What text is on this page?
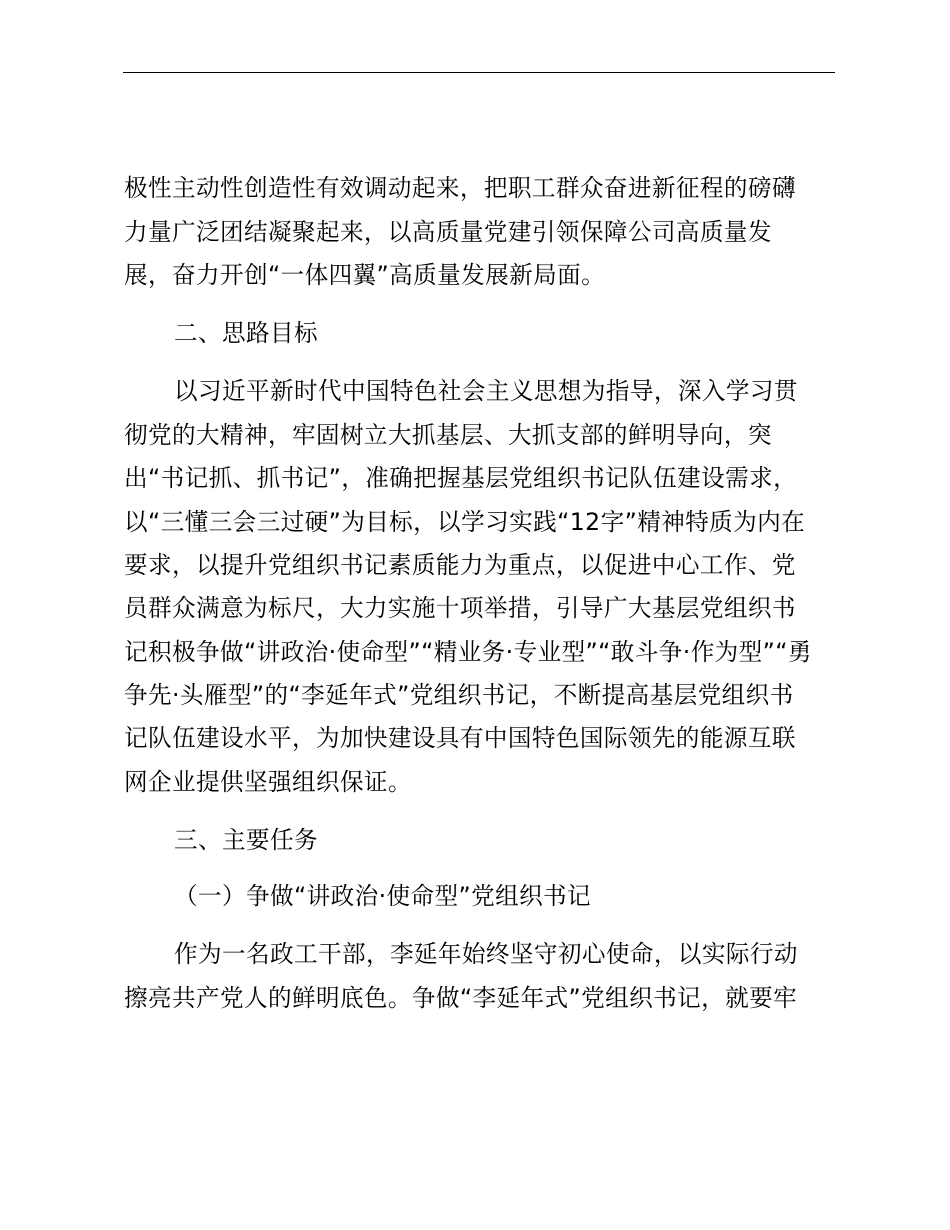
极性主动性创造性有效调动起来，把职工群众奋进新征程的磅礴
力量广泛团结凝聚起来，以高质量党建引领保障公司高质量发
展，奋力开创“一体四翼”高质量发展新局面。
二、思路目标
以习近平新时代中国特色社会主义思想为指导，深入学习贯
彻党的大精神，牢固树立大抓基层、大抓支部的鲜明导向，突
出“书记抓、抓书记”，准确把握基层党组织书记队伍建设需求，
以“三懂三会三过硬”为目标，以学习实践“12字”精神特质为内在
要求，以提升党组织书记素质能力为重点，以促进中心工作、党
员群众满意为标尺，大力实施十项举措，引导广大基层党组织书
记积极争做“讲政治·使命型”“精业务·专业型”“敢斗争·作为型”“勇
争先·头雁型”的“李延年式”党组织书记，不断提高基层党组织书
记队伍建设水平，为加快建设具有中国特色国际领先的能源互联
网企业提供坚强组织保证。
三、主要任务
（一）争做“讲政治·使命型”党组织书记
作为一名政工干部，李延年始终坚守初心使命，以实际行动
擦亮共产党人的鲜明底色。争做“李延年式”党组织书记，就要牢
